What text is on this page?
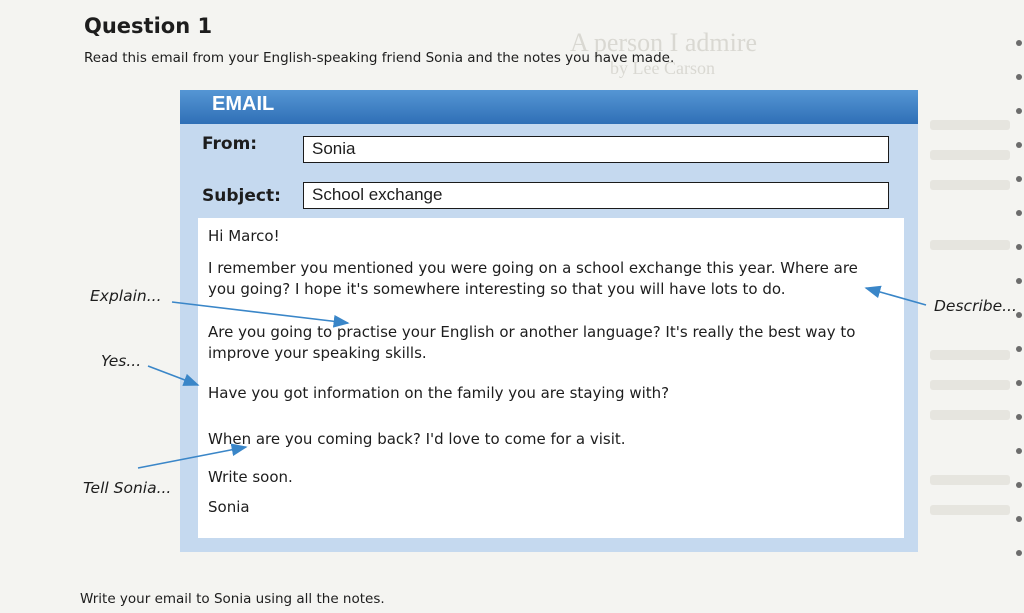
A person I admire
by Lee Carson
Question 1

Read this email from your English-speaking friend Sonia and the notes you have made.

EMAIL
From:	Sonia
Subject:	School exchange

Hi Marco!

I remember you mentioned you were going on a school exchange this year. Where are you going? I hope it's somewhere interesting so that you will have lots to do.

Are you going to practise your English or another language? It's really the best way to improve your speaking skills.

Have you got information on the family you are staying with?

When are you coming back? I'd love to come for a visit.

Write soon.

Sonia

Explain...
Yes...
Tell Sonia...
Describe...

Write your email to Sonia using all the notes.
